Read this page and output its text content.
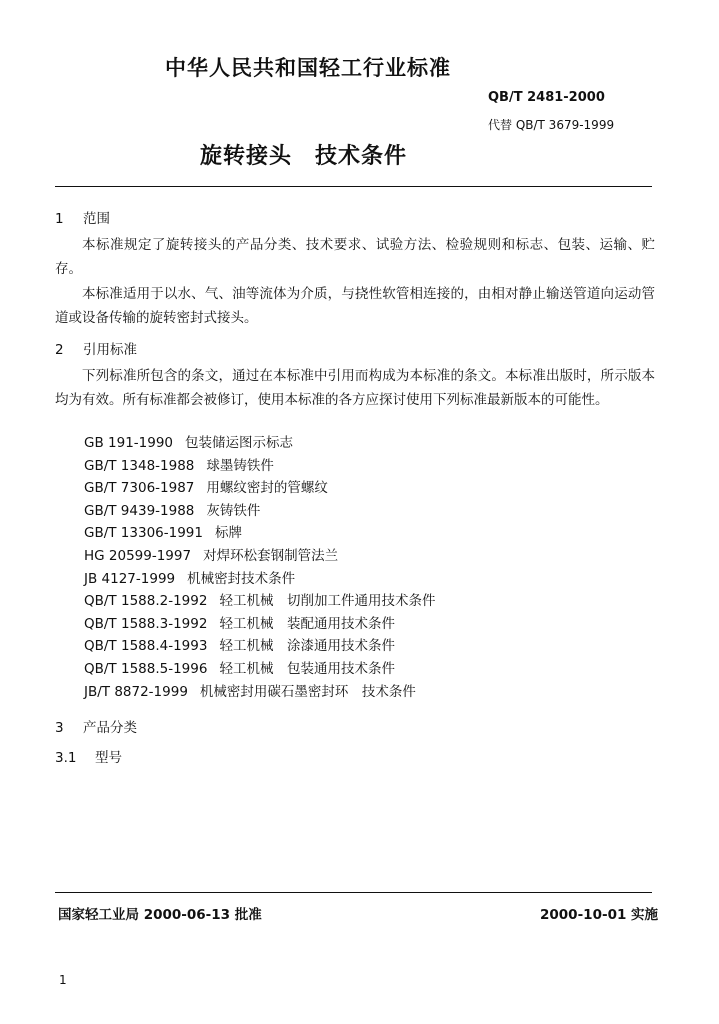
中华人民共和国轻工行业标准
QB/T 2481-2000
代替 QB/T 3679-1999
旋转接头　技术条件
1 范围
本标准规定了旋转接头的产品分类、技术要求、试验方法、检验规则和标志、包装、运输、贮存。
本标准适用于以水、气、油等流体为介质，与挠性软管相连接的，由相对静止输送管道向运动管道或设备传输的旋转密封式接头。
2 引用标准
下列标准所包含的条文，通过在本标准中引用而构成为本标准的条文。本标准出版时，所示版本均为有效。所有标准都会被修订，使用本标准的各方应探讨使用下列标准最新版本的可能性。
GB 191-1990 包装储运图示标志
GB/T 1348-1988 球墨铸铁件
GB/T 7306-1987 用螺纹密封的管螺纹
GB/T 9439-1988 灰铸铁件
GB/T 13306-1991 标牌
HG 20599-1997 对焊环松套钢制管法兰
JB 4127-1999 机械密封技术条件
QB/T 1588.2-1992 轻工机械　切削加工件通用技术条件
QB/T 1588.3-1992 轻工机械　装配通用技术条件
QB/T 1588.4-1993 轻工机械　涂漆通用技术条件
QB/T 1588.5-1996 轻工机械　包装通用技术条件
JB/T 8872-1999 机械密封用碳石墨密封环　技术条件
3 产品分类
3.1 型号
国家轻工业局 2000-06-13 批准	2000-10-01 实施
1
